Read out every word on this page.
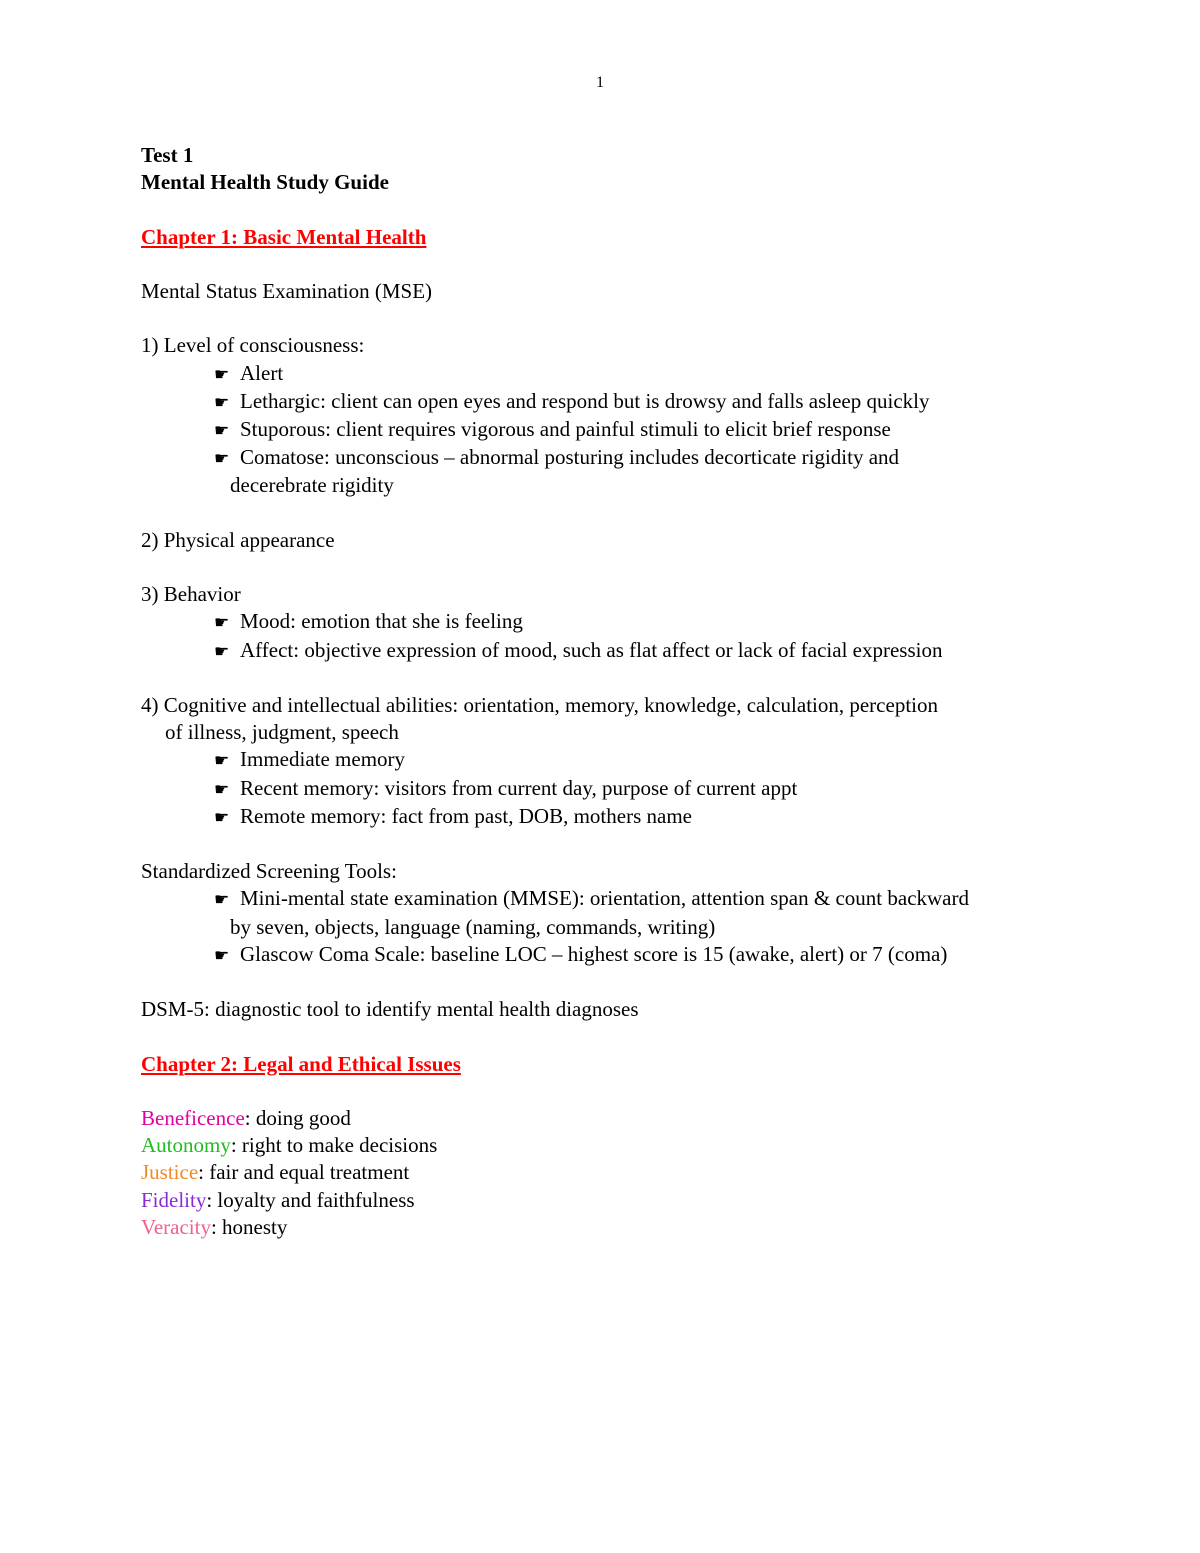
1
Test 1
Mental Health Study Guide
Chapter 1: Basic Mental Health
Mental Status Examination (MSE)
1) Level of consciousness:
☛ Alert
☛ Lethargic: client can open eyes and respond but is drowsy and falls asleep quickly
☛ Stuporous: client requires vigorous and painful stimuli to elicit brief response
☛ Comatose: unconscious – abnormal posturing includes decorticate rigidity and
decerebrate rigidity
2) Physical appearance
3) Behavior
☛ Mood: emotion that she is feeling
☛ Affect: objective expression of mood, such as flat affect or lack of facial expression
4) Cognitive and intellectual abilities: orientation, memory, knowledge, calculation, perception
of illness, judgment, speech
☛ Immediate memory
☛ Recent memory: visitors from current day, purpose of current appt
☛ Remote memory: fact from past, DOB, mothers name
Standardized Screening Tools:
☛ Mini-mental state examination (MMSE): orientation, attention span & count backward
by seven, objects, language (naming, commands, writing)
☛ Glascow Coma Scale: baseline LOC – highest score is 15 (awake, alert) or 7 (coma)
DSM-5: diagnostic tool to identify mental health diagnoses
Chapter 2: Legal and Ethical Issues
Beneficence: doing good
Autonomy: right to make decisions
Justice: fair and equal treatment
Fidelity: loyalty and faithfulness
Veracity: honesty
